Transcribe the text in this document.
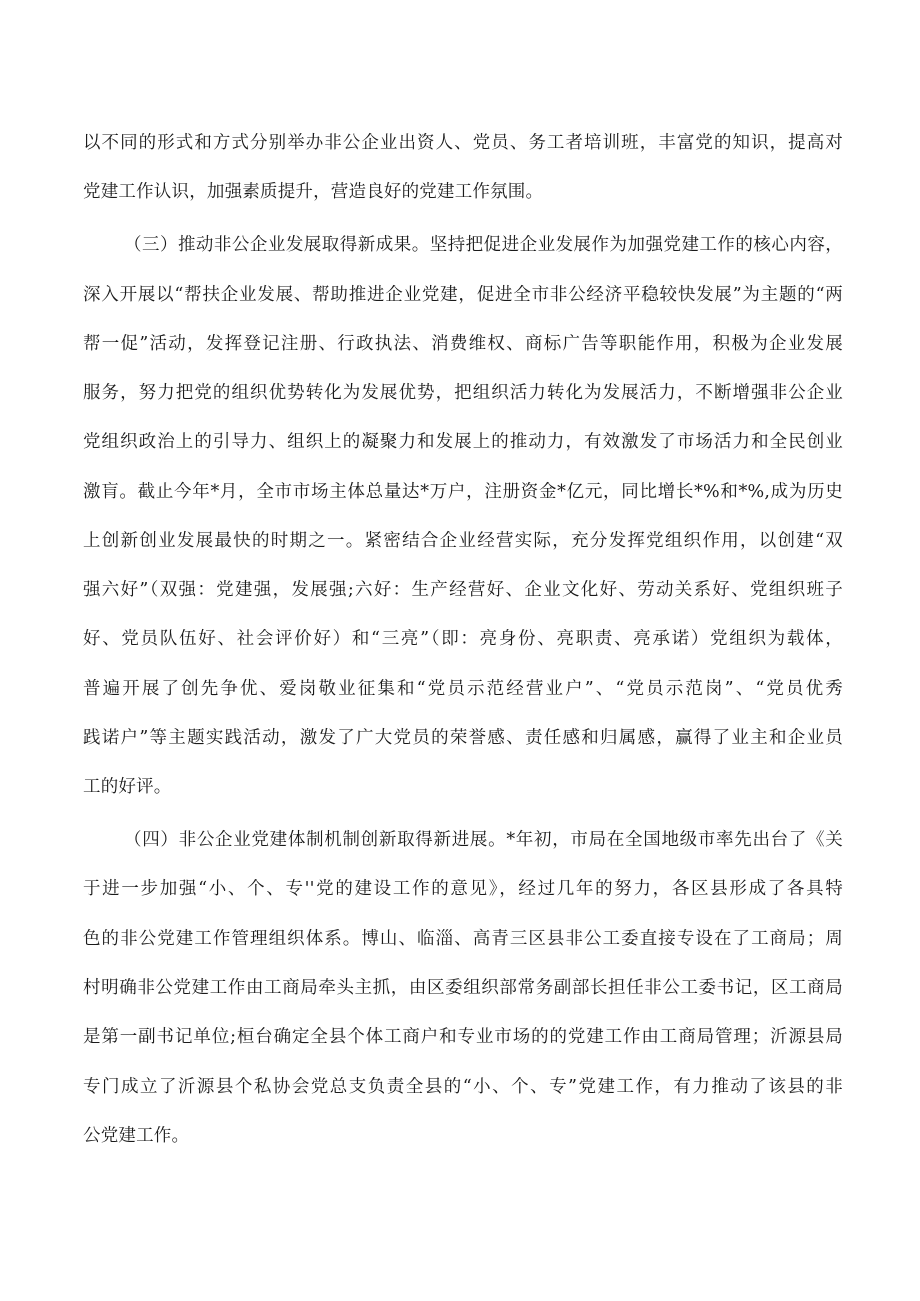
以不同的形式和方式分别举办非公企业出资人、党员、务工者培训班，丰富党的知识，提高对
党建工作认识，加强素质提升，营造良好的党建工作氛围。
（三）推动非公企业发展取得新成果。坚持把促进企业发展作为加强党建工作的核心内容，
深入开展以“帮扶企业发展、帮助推进企业党建，促进全市非公经济平稳较快发展”为主题的“两
帮一促”活动，发挥登记注册、行政执法、消费维权、商标广告等职能作用，积极为企业发展
服务，努力把党的组织优势转化为发展优势，把组织活力转化为发展活力，不断增强非公企业
党组织政治上的引导力、组织上的凝聚力和发展上的推动力，有效激发了市场活力和全民创业
激肓。截止今年*月，全市市场主体总量达*万户，注册资金*亿元，同比增长*%和*%,成为历史
上创新创业发展最快的时期之一。紧密结合企业经营实际，充分发挥党组织作用，以创建“双
强六好”（双强：党建强，发展强;六好：生产经营好、企业文化好、劳动关系好、党组织班子
好、党员队伍好、社会评价好）和“三亮”（即：亮身份、亮职责、亮承诺）党组织为载体，
普遍开展了创先争优、爱岗敬业征集和“党员示范经营业户”、“党员示范岗”、“党员优秀
践诺户”等主题实践活动，激发了广大党员的荣誉感、责任感和归属感，赢得了业主和企业员
工的好评。
（四）非公企业党建体制机制创新取得新进展。*年初，市局在全国地级市率先出台了《关
于进一步加强“小、个、专''党的建设工作的意见》，经过几年的努力，各区县形成了各具特
色的非公党建工作管理组织体系。博山、临淄、高青三区县非公工委直接专设在了工商局；周
村明确非公党建工作由工商局牵头主抓，由区委组织部常务副部长担任非公工委书记，区工商局
是第一副书记单位;桓台确定全县个体工商户和专业市场的的党建工作由工商局管理；沂源县局
专门成立了沂源县个私协会党总支负责全县的“小、个、专”党建工作，有力推动了该县的非
公党建工作。
